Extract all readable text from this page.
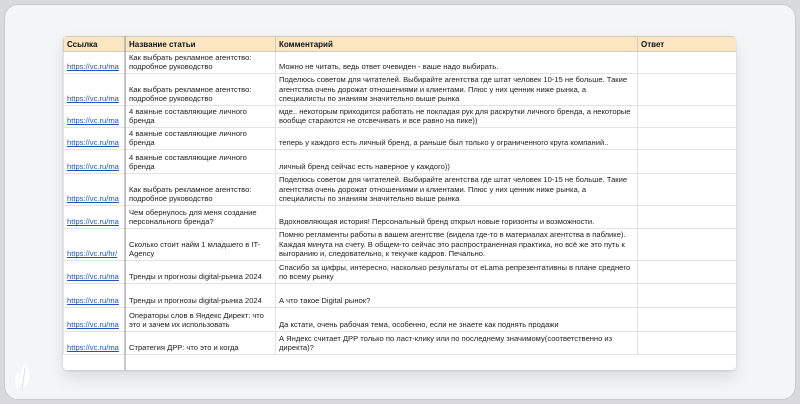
Ссылка	Название статьи	Комментарий	Ответ
https://vc.ru/ma	Как выбрать рекламное агентство: подробное руководство	Можно не читать, ведь ответ очевиден - ваше надо выбирать.	
https://vc.ru/ma	Как выбрать рекламное агентство: подробное руководство	Поделюсь советом для читателей. Выбирайте агентства где штат человек 10-15 не больше. Такие агентства очень дорожат отношениями и клиентами. Плюс у них ценник ниже рынка, а специалисты по знаниям значительно выше рынка	
https://vc.ru/ma	4 важные составляющие личного бренда	мде.. некоторым приходится работать не покладая рук для раскрутки личного бренда, а некоторые вообще стараются не отсвечивать и все равно на пике))	
https://vc.ru/ma	4 важные составляющие личного бренда	теперь у каждого есть личный бренд, а раньше был только у ограниченного круга компаний..	
https://vc.ru/ma	4 важные составляющие личного бренда	личный бренд сейчас есть наверное у каждого))	
https://vc.ru/ma	Как выбрать рекламное агентство: подробное руководство	Поделюсь советом для читателей. Выбирайте агентства где штат человек 10-15 не больше. Такие агентства очень дорожат отношениями и клиентами. Плюс у них ценник ниже рынка, а специалисты по знаниям значительно выше рынка	
https://vc.ru/ma	Чем обернулось для меня создание персонального бренда?	Вдохновляющая история! Персональный бренд открыл новые горизонты и возможности.	
https://vc.ru/hr/	Сколько стоит найм 1 младшего в IT-Agency	Помню регламенты работы в вашем агентстве (видела где-то в материалах агентства в паблике). Каждая минута на счету. В общем-то сейчас это распространенная практика, но всё же это путь к выгоранию и, следовательно, к текучке кадров. Печально.	
https://vc.ru/ma	Тренды и прогнозы digital-рынка 2024	Спасибо за цифры, интересно, насколько результаты от eLama репрезентативны в плане среднего по всему рынку	
https://vc.ru/ma	Тренды и прогнозы digital-рынка 2024	А что такое Digital рынок?	
https://vc.ru/ma	Операторы слов в Яндекс Директ: что это и зачем их использовать	Да кстати, очень рабочая тема, особенно, если не знаете как поднять продажи	
https://vc.ru/ma	Стратегия ДРР: что это и когда	А Яндекс считает ДРР только по ласт-клику или по последнему значимому(соответственно из директа)?	
